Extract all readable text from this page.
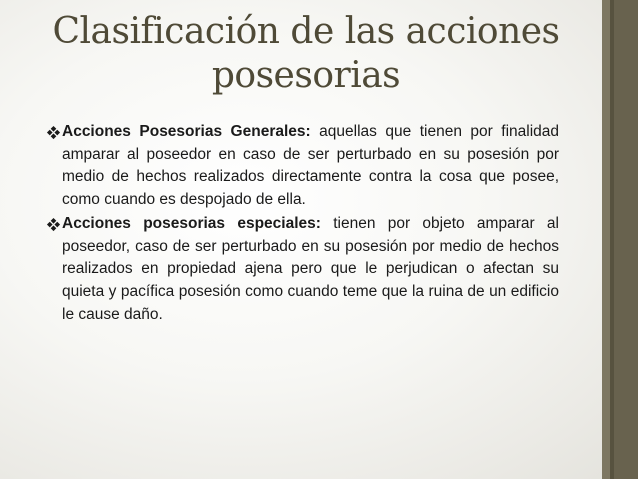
Clasificación de las acciones
posesorias

Acciones Posesorias Generales: aquellas que tienen por finalidad amparar al poseedor en caso de ser perturbado en su posesión por medio de hechos realizados directamente contra la cosa que posee, como cuando es despojado de ella.

Acciones posesorias especiales: tienen por objeto amparar al poseedor, caso de ser perturbado en su posesión por medio de hechos realizados en propiedad ajena pero que le perjudican o afectan su quieta y pacífica posesión como cuando teme que la ruina de un edificio le cause daño.
